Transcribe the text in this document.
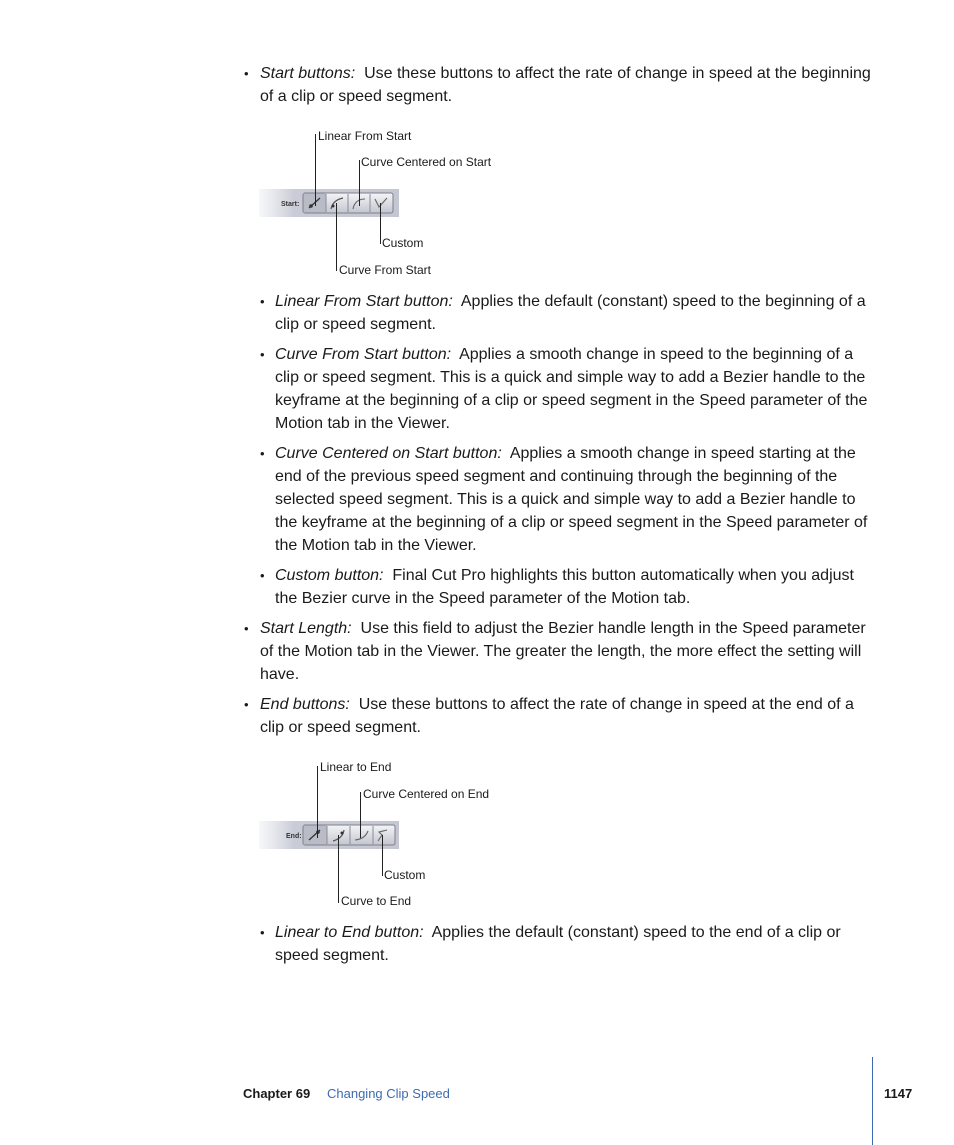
• Start buttons: Use these buttons to affect the rate of change in speed at the beginning of a clip or speed segment.

Start:
Linear From Start
Curve Centered on Start
Custom
Curve From Start
• Linear From Start button: Applies the default (constant) speed to the beginning of a clip or speed segment.

• Curve From Start button: Applies a smooth change in speed to the beginning of a clip or speed segment. This is a quick and simple way to add a Bezier handle to the keyframe at the beginning of a clip or speed segment in the Speed parameter of the Motion tab in the Viewer.

• Curve Centered on Start button: Applies a smooth change in speed starting at the end of the previous speed segment and continuing through the beginning of the selected speed segment. This is a quick and simple way to add a Bezier handle to the keyframe at the beginning of a clip or speed segment in the Speed parameter of the Motion tab in the Viewer.

• Custom button: Final Cut Pro highlights this button automatically when you adjust the Bezier curve in the Speed parameter of the Motion tab.

• Start Length: Use this field to adjust the Bezier handle length in the Speed parameter of the Motion tab in the Viewer. The greater the length, the more effect the setting will have.

• End buttons: Use these buttons to affect the rate of change in speed at the end of a clip or speed segment.

End:
Linear to End
Curve Centered on End
Custom
Curve to End
• Linear to End button: Applies the default (constant) speed to the end of a clip or speed segment.

Chapter 69 Changing Clip Speed	1147
